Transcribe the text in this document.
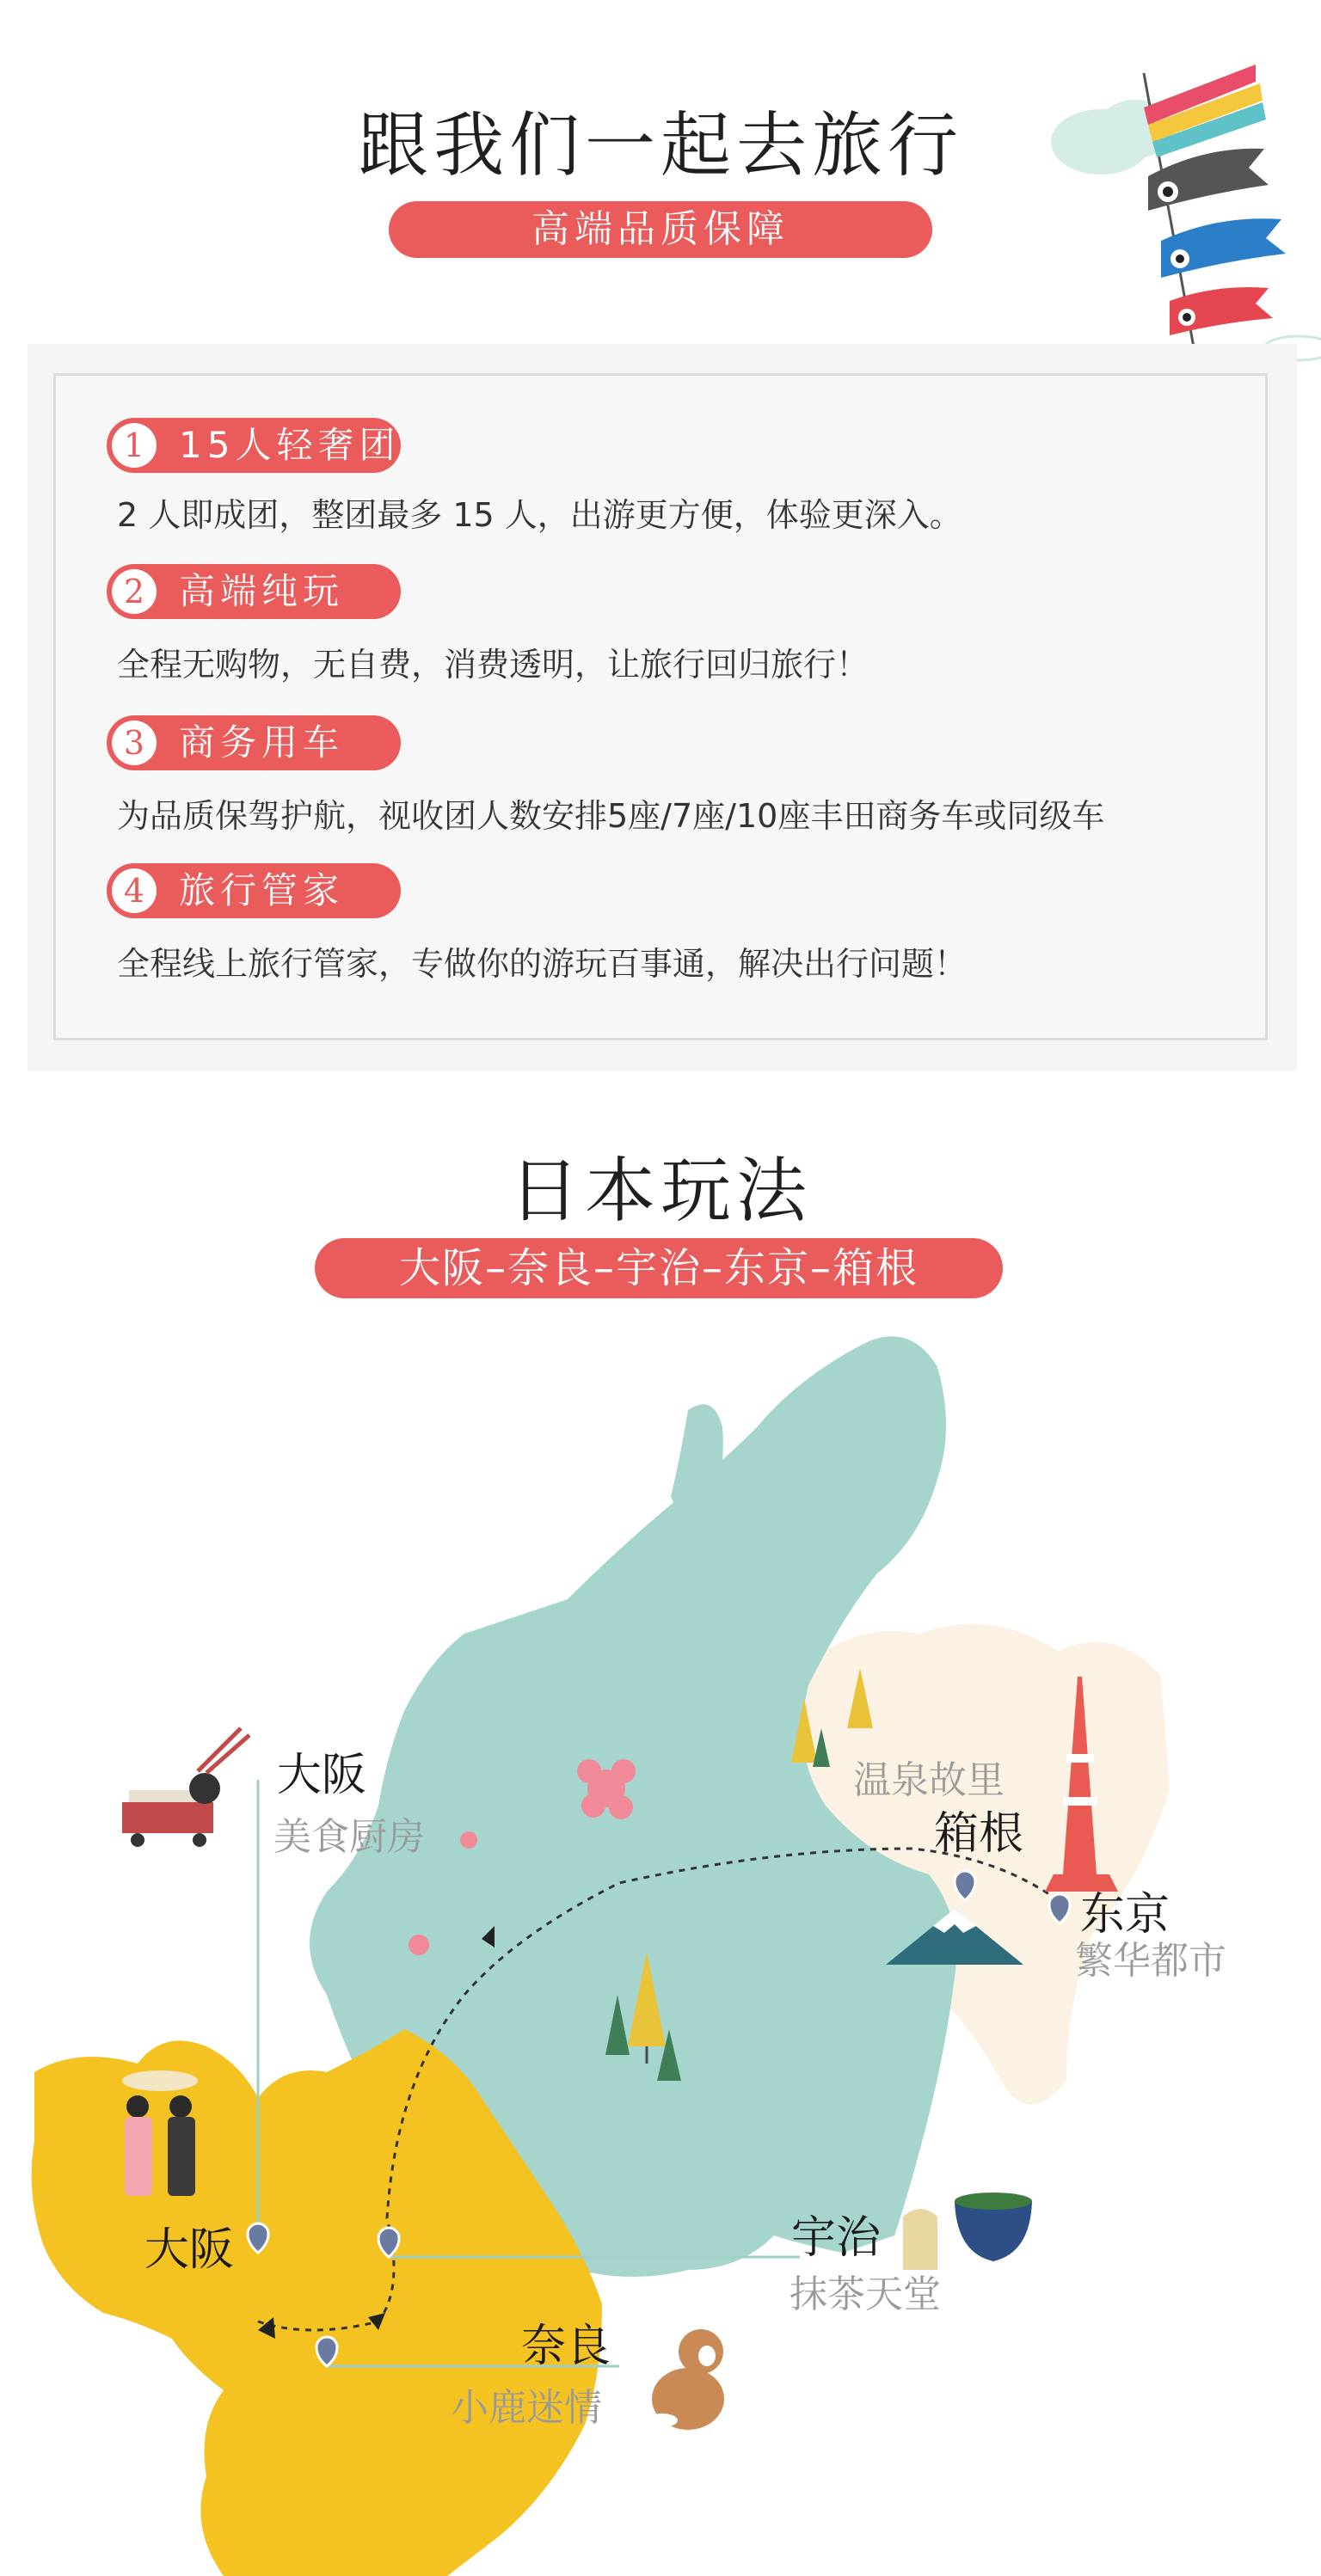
跟我们一起去旅行
高端品质保障
1 15人轻奢团
2 人即成团，整团最多 15 人，出游更方便，体验更深入。
2 高端纯玩
全程无购物，无自费，消费透明，让旅行回归旅行！
3 商务用车
为品质保驾护航，视收团人数安排5座/7座/10座丰田商务车或同级车
4 旅行管家
全程线上旅行管家，专做你的游玩百事通，解决出行问题！
日本玩法
大阪–奈良–宇治–东京–箱根
大阪
美食厨房
温泉故里
箱根
东京
繁华都市
宇治
抹茶天堂
大阪
奈良
小鹿迷情
